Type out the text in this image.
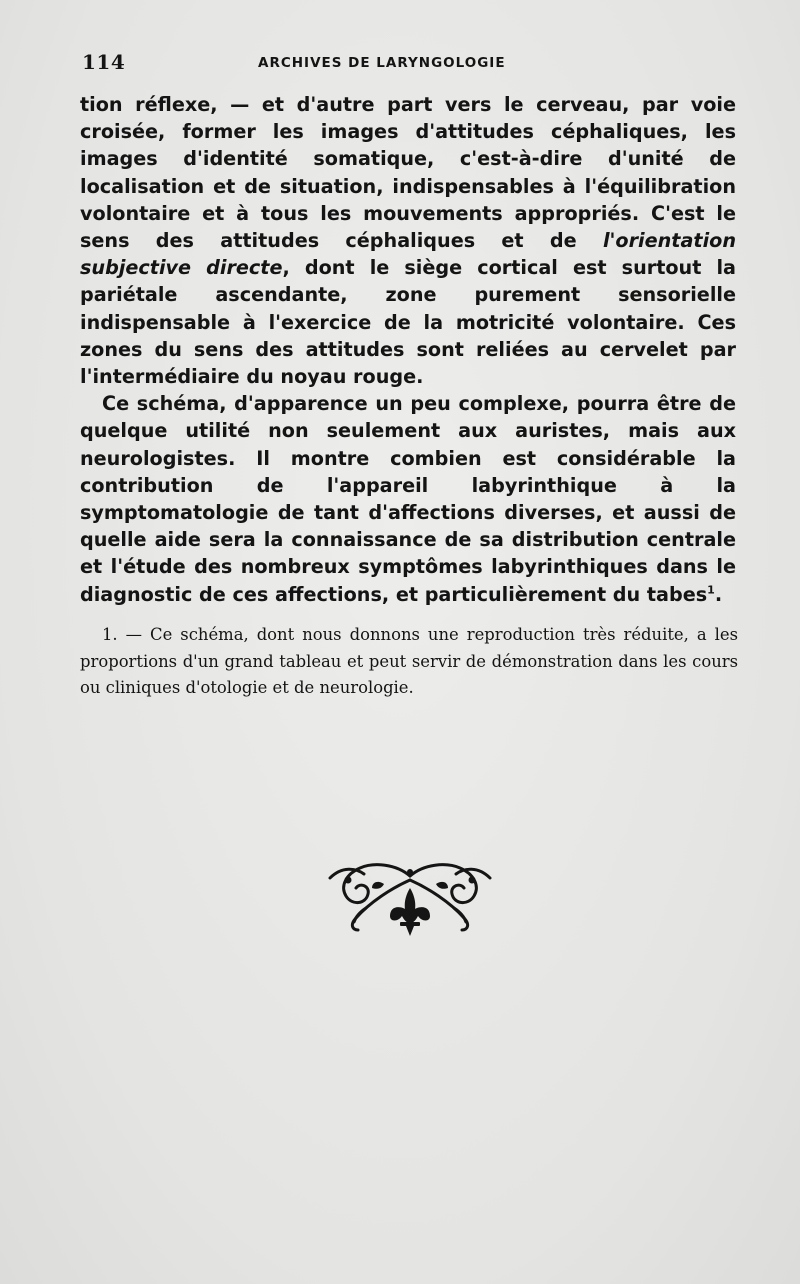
114	ARCHIVES DE LARYNGOLOGIE

tion réflexe, — et d'autre part vers le cerveau, par voie croisée, former les images d'attitudes céphaliques, les images d'identité somatique, c'est-à-dire d'unité de localisation et de situation, indispensables à l'équilibration volontaire et à tous les mouvements appropriés. C'est le sens des attitudes céphaliques et de l'orientation subjective directe, dont le siège cortical est surtout la pariétale ascendante, zone purement sensorielle indispensable à l'exercice de la motricité volontaire. Ces zones du sens des attitudes sont reliées au cervelet par l'intermédiaire du noyau rouge.

Ce schéma, d'apparence un peu complexe, pourra être de quelque utilité non seulement aux auristes, mais aux neurologistes. Il montre combien est considérable la contribution de l'appareil labyrinthique à la symptomatologie de tant d'affections diverses, et aussi de quelle aide sera la connaissance de sa distribution centrale et l'étude des nombreux symptômes labyrinthiques dans le diagnostic de ces affections, et particulièrement du tabes$^1$.

1. — Ce schéma, dont nous donnons une reproduction très réduite, a les proportions d'un grand tableau et peut servir de démonstration dans les cours ou cliniques d'otologie et de neurologie.
